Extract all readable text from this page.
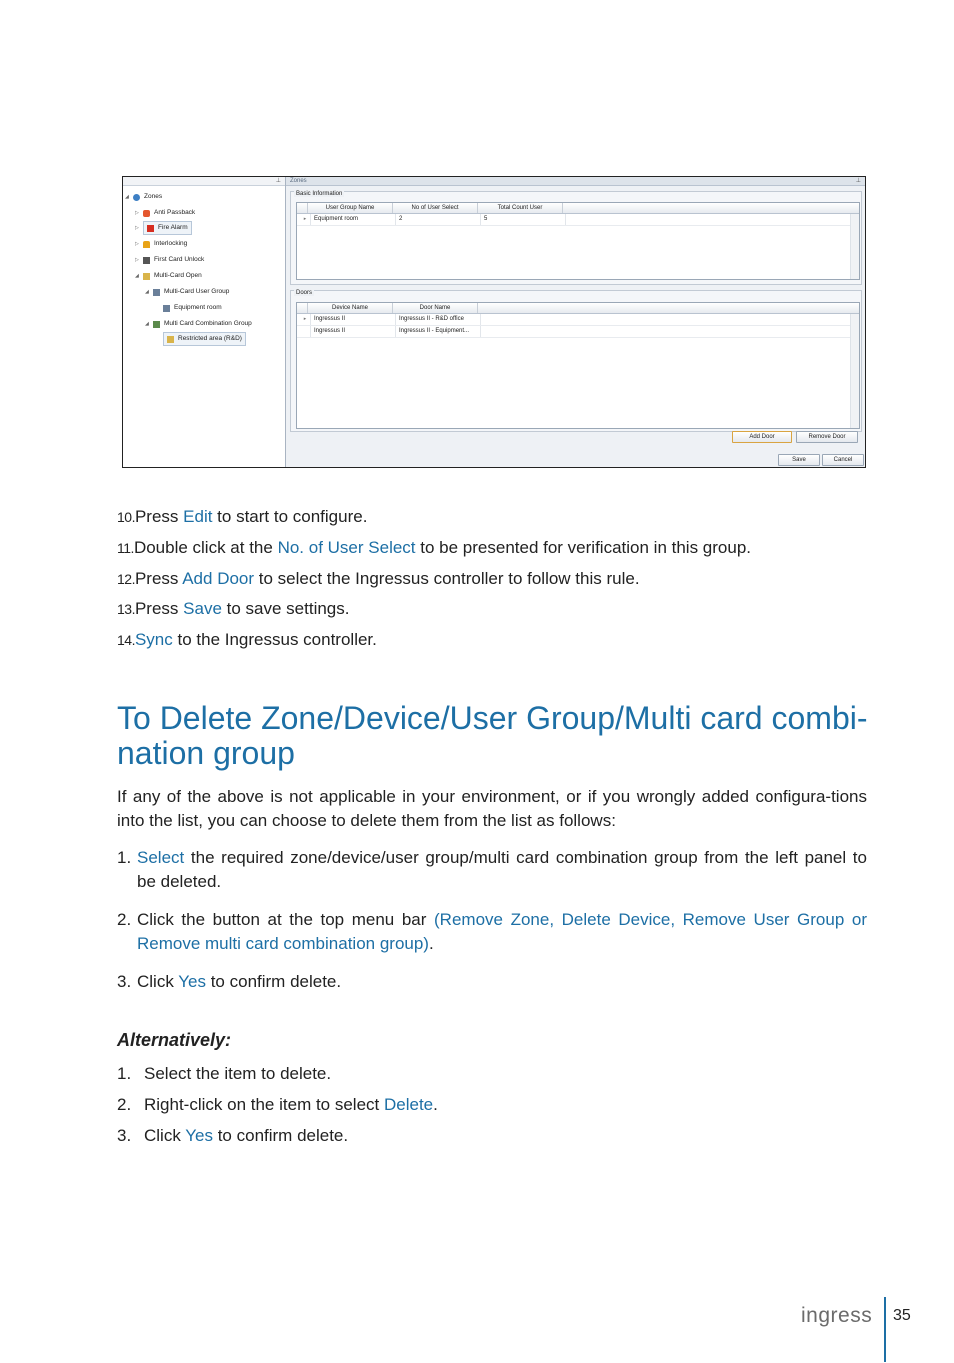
⊥
◢	Zones
▷	Anti Passback
▷	Fire Alarm
▷	Interlocking
▷	First Card Unlock
◢	Multi-Card Open
◢	Multi-Card User Group
Equipment room
◢	Multi Card Combination Group
Restricted area (R&D)
Zones	⊥
Basic Information
User Group Name	No of User Select	Total Count User
▸	Equipment room	2	5
Doors
Device Name	Door Name
▸	Ingressus II	Ingressus II - R&D office
Ingressus II	Ingressus II - Equipment...
Add Door	Remove Door
Save	Cancel
10.Press Edit to start to configure.
11.Double click at the No. of User Select to be presented for verification in this group.
12.Press Add Door to select the Ingressus controller to follow this rule.
13.Press Save to save settings.
14.Sync to the Ingressus controller.
To Delete Zone/Device/User Group/Multi card combi-nation group
If any of the above is not applicable in your environment, or if you wrongly added configura-tions into the list, you can choose to delete them from the list as follows:
1. Select the required zone/device/user group/multi card combination group from the left panel to be deleted.
2. Click the button at the top menu bar (Remove Zone, Delete Device, Remove User Group or Remove multi card combination group).
3. Click Yes to confirm delete.
Alternatively:
1. Select the item to delete.
2. Right-click on the item to select Delete.
3. Click Yes to confirm delete.
ingress 35
